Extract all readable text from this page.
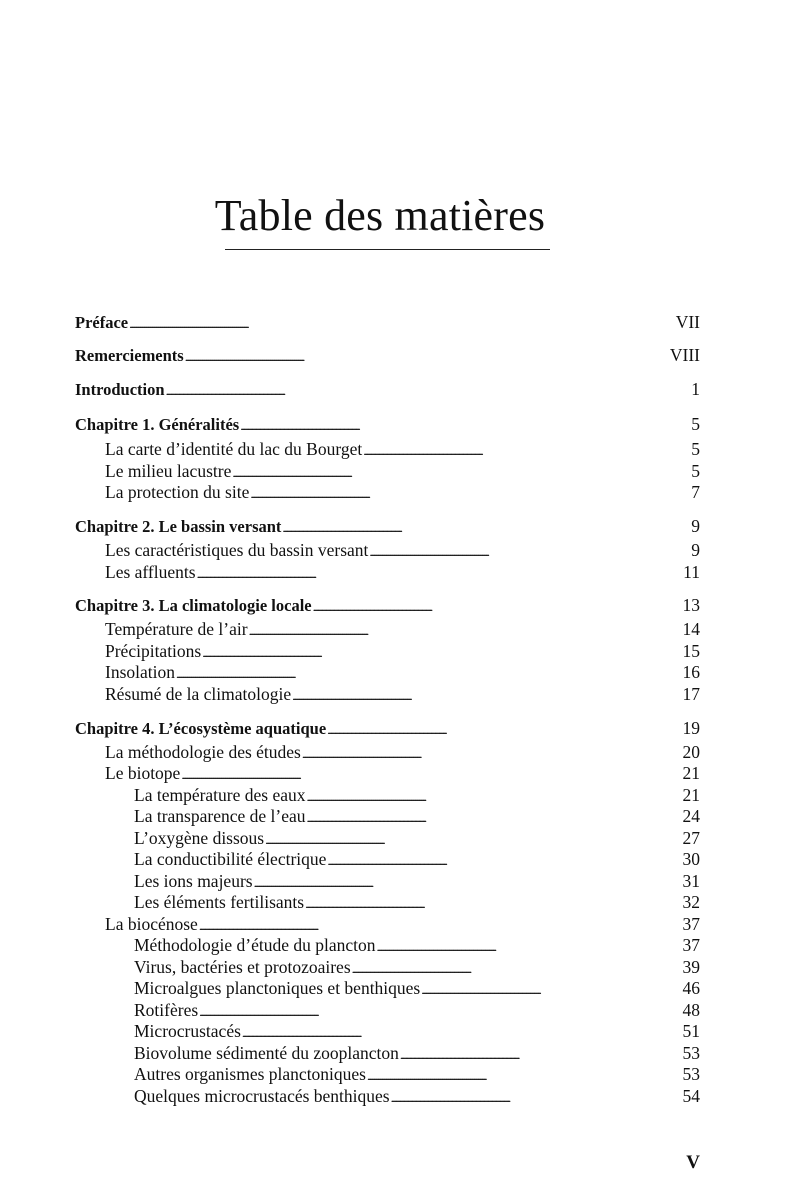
Table des matières
Préface . . .	VII
Remerciements . . .	VIII
Introduction . . .	1
Chapitre 1. Généralités . . .	5
La carte d’identité du lac du Bourget . . .	5
Le milieu lacustre . . .	5
La protection du site . . .	7
Chapitre 2. Le bassin versant . . .	9
Les caractéristiques du bassin versant . . .	9
Les affluents . . .	11
Chapitre 3. La climatologie locale . . .	13
Température de l’air . . .	14
Précipitations . . .	15
Insolation . . .	16
Résumé de la climatologie . . .	17
Chapitre 4. L’écosystème aquatique . . .	19
La méthodologie des études . . .	20
Le biotope . . .	21
La température des eaux . . .	21
La transparence de l’eau . . .	24
L’oxygène dissous . . .	27
La conductibilité électrique . . .	30
Les ions majeurs . . .	31
Les éléments fertilisants . . .	32
La biocénose . . .	37
Méthodologie d’étude du plancton . . .	37
Virus, bactéries et protozoaires . . .	39
Microalgues planctoniques et benthiques . . .	46
Rotifères . . .	48
Microcrustacés . . .	51
Biovolume sédimenté du zooplancton . . .	53
Autres organismes planctoniques . . .	53
Quelques microcrustacés benthiques . . .	54
V
